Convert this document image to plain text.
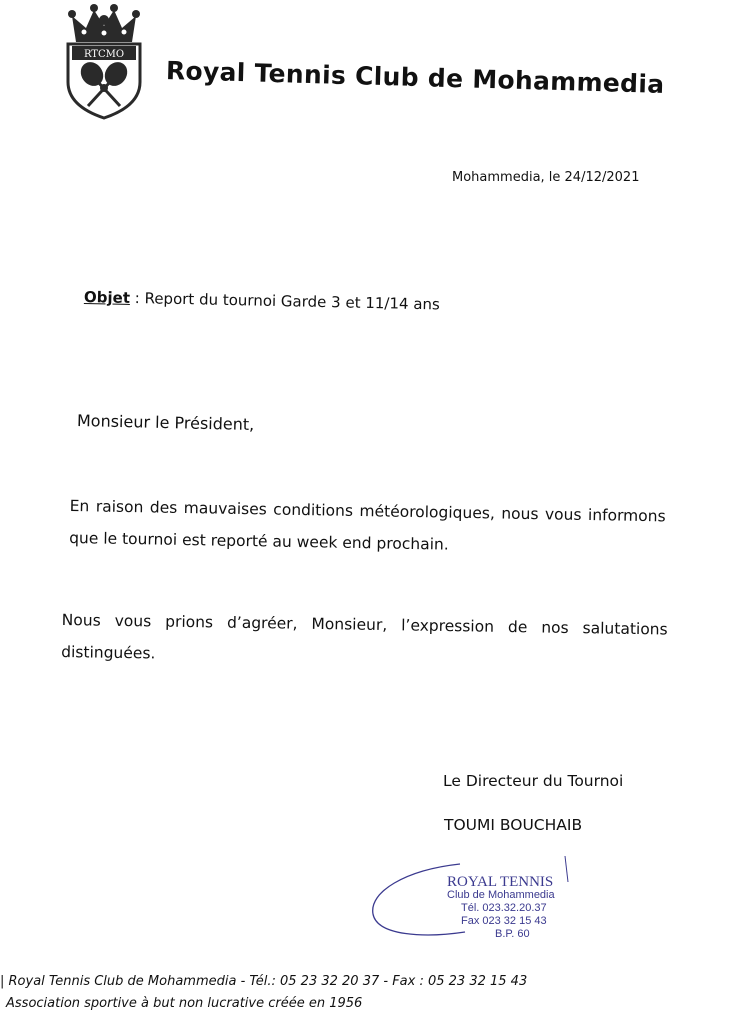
RTCMO
Royal Tennis Club de Mohammedia
Mohammedia, le 24/12/2021
Objet : Report du tournoi Garde 3 et 11/14 ans
Monsieur le Président,
En raison des mauvaises conditions météorologiques, nous vous informons que le tournoi est reporté au week end prochain.
Nous vous prions d’agréer, Monsieur, l’expression de nos salutations distinguées.
Le Directeur du Tournoi
TOUMI BOUCHAIB
ROYAL TENNIS
Club de Mohammedia
Tél. 023.32.20.37
Fax 023 32 15 43
B.P. 60
| Royal Tennis Club de Mohammedia - Tél.: 05 23 32 20 37 - Fax : 05 23 32 15 43
Association sportive à but non lucrative créée en 1956
